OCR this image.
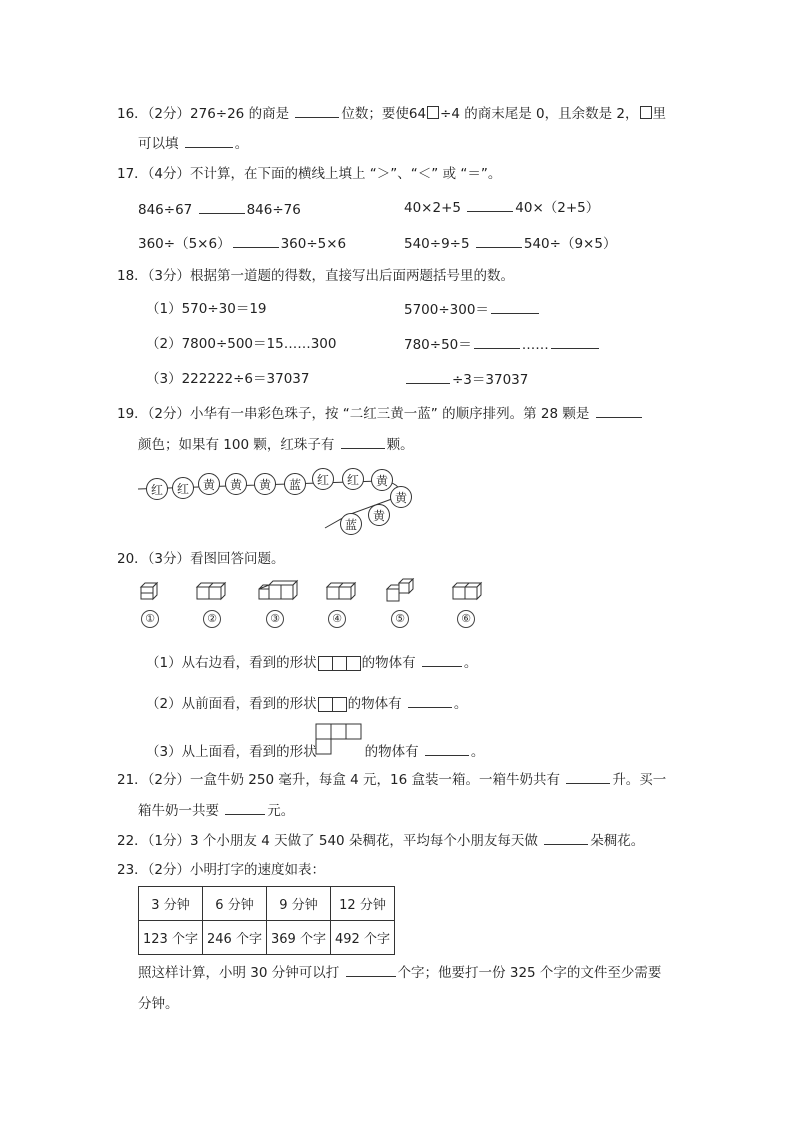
16．（2分）276÷26 的商是	位数；要使64 ÷4 的商末尾是 0，且余数是 2， 里
可以填	。
17．（4分）不计算，在下面的横线上填上 “＞”、“＜” 或 “＝”。
846÷67	846÷76	40×2+5	40×（2+5）
360÷（5×6）	360÷5×6	540÷9÷5	540÷（9×5）
18．（3分）根据第一道题的得数，直接写出后面两题括号里的数。
（1）570÷30＝19	5700÷300＝
（2）7800÷500＝15……300	780÷50＝	……
（3）222222÷6＝37037	÷3＝37037
19．（2分）小华有一串彩色珠子，按 “二红三黄一蓝” 的顺序排列。第 28 颗是
颜色；如果有 100 颗，红珠子有	颗。
红	红	黄	黄	黄	蓝	红	红	黄
黄
黄
蓝
20．（3分）看图回答问题。
①	②	③	④	⑤	⑥
（1）从右边看，看到的形状	的物体有	。
（2）从前面看，看到的形状 的物体有	。
（3）从上面看，看到的形状	的物体有	。
21．（2分）一盒牛奶 250 毫升，每盒 4 元，16 盒装一箱。一箱牛奶共有	升。买一
箱牛奶一共要	元。
22．（1分）3 个小朋友 4 天做了 540 朵稠花，平均每个小朋友每天做	朵稠花。
23．（2分）小明打字的速度如表：
3 分钟	6 分钟	9 分钟	12 分钟
123 个字	246 个字	369 个字	492 个字
照这样计算，小明 30 分钟可以打	个字；他要打一份 325 个字的文件至少需要
分钟。
